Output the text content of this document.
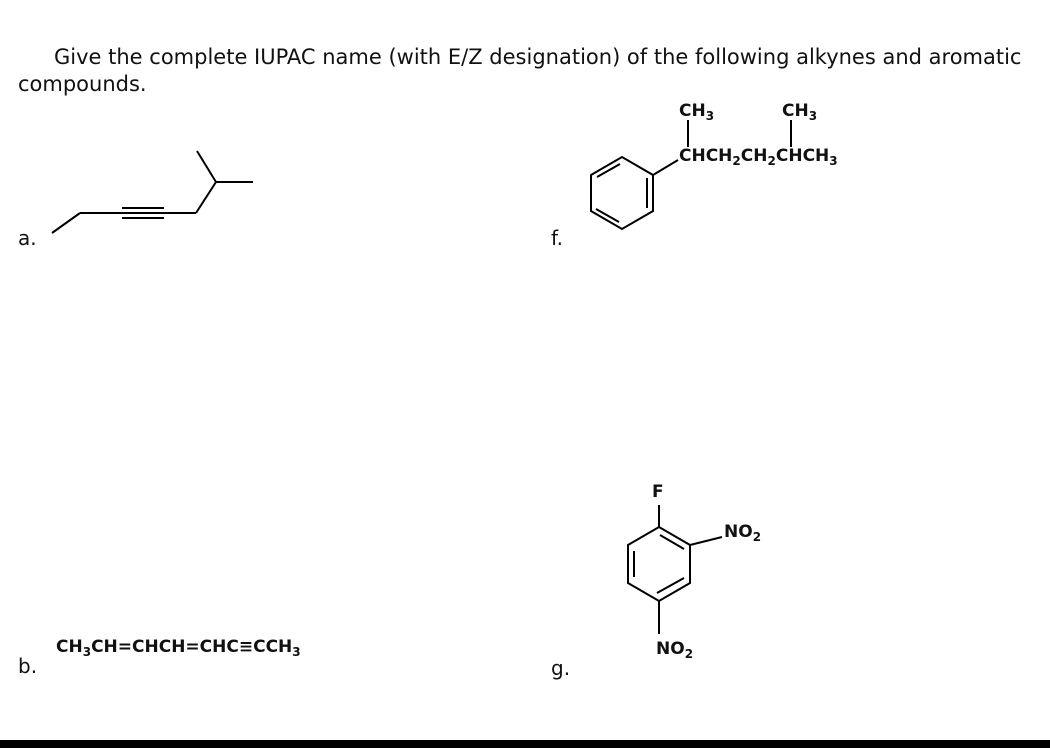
Give the complete IUPAC name (with E/Z designation) of the following alkynes and aromatic
compounds.
a.
b.
f.
g.
$CH_3CH=CHCH=CHC\equiv CCH_3$
$CH_3$	$CH_3$
$CHCH_2CH_2CHCH_3$
F
$NO_2$
$NO_2$
